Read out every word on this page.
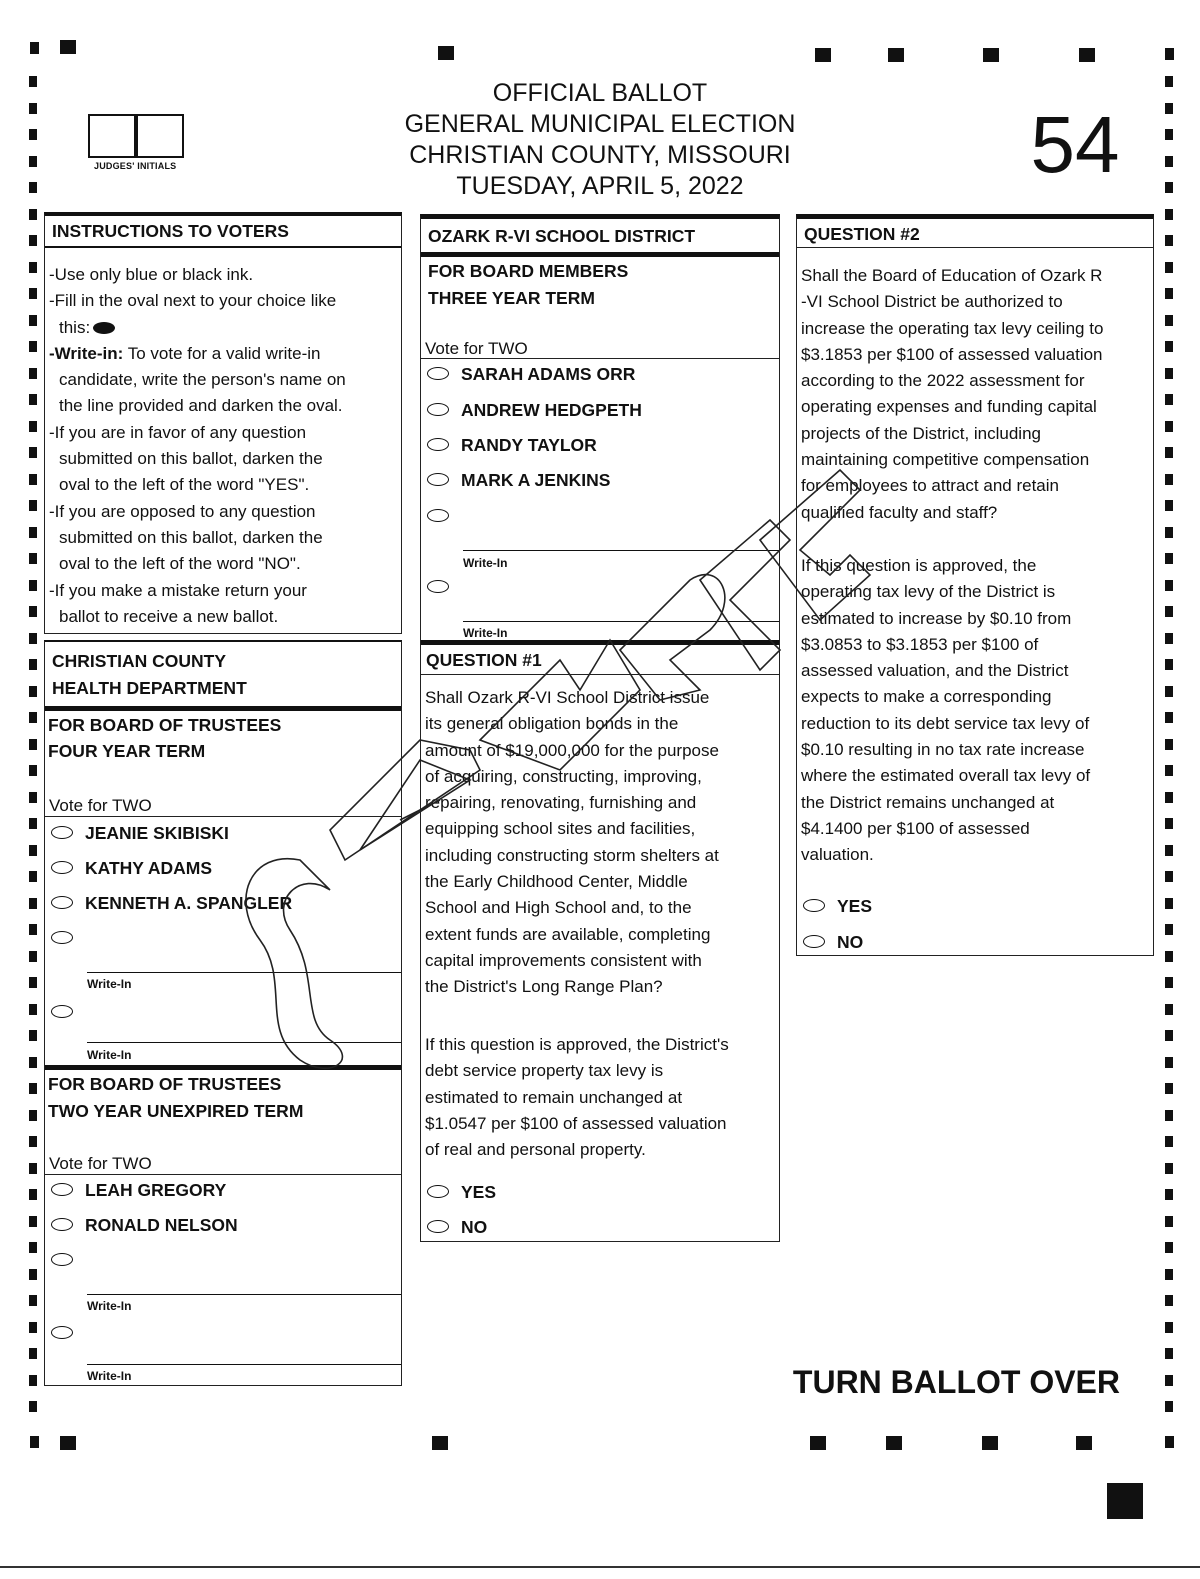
OFFICIAL BALLOT
GENERAL MUNICIPAL ELECTION
CHRISTIAN COUNTY, MISSOURI
TUESDAY, APRIL 5, 2022
JUDGES' INITIALS	54
INSTRUCTIONS TO VOTERS
-Use only blue or black ink.
-Fill in the oval next to your choice like
this:
-Write-in: To vote for a valid write-in
candidate, write the person's name on
the line provided and darken the oval.
-If you are in favor of any question
submitted on this ballot, darken the
oval to the left of the word "YES".
-If you are opposed to any question
submitted on this ballot, darken the
oval to the left of the word "NO".
-If you make a mistake return your
ballot to receive a new ballot.
CHRISTIAN COUNTY
HEALTH DEPARTMENT
FOR BOARD OF TRUSTEES
FOUR YEAR TERM
Vote for TWO
JEANIE SKIBISKI
KATHY ADAMS
KENNETH A. SPANGLER
Write-In
Write-In
FOR BOARD OF TRUSTEES
TWO YEAR UNEXPIRED TERM
Vote for TWO
LEAH GREGORY
RONALD NELSON
Write-In
Write-In
OZARK R-VI SCHOOL DISTRICT
FOR BOARD MEMBERS
THREE YEAR TERM
Vote for TWO
SARAH ADAMS ORR
ANDREW HEDGPETH
RANDY TAYLOR
MARK A JENKINS
Write-In
Write-In
QUESTION #1
Shall Ozark R-VI School District issue
its general obligation bonds in the
amount of $19,000,000 for the purpose
of acquiring, constructing, improving,
repairing, renovating, furnishing and
equipping school sites and facilities,
including constructing storm shelters at
the Early Childhood Center, Middle
School and High School and, to the
extent funds are available, completing
capital improvements consistent with
the District's Long Range Plan?
If this question is approved, the District's
debt service property tax levy is
estimated to remain unchanged at
$1.0547 per $100 of assessed valuation
of real and personal property.
YES
NO
QUESTION #2
Shall the Board of Education of Ozark R
-VI School District be authorized to
increase the operating tax levy ceiling to
$3.1853 per $100 of assessed valuation
according to the 2022 assessment for
operating expenses and funding capital
projects of the District, including
maintaining competitive compensation
for employees to attract and retain
qualified faculty and staff?
If this question is approved, the
operating tax levy of the District is
estimated to increase by $0.10 from
$3.0853 to $3.1853 per $100 of
assessed valuation, and the District
expects to make a corresponding
reduction to its debt service tax levy of
$0.10 resulting in no tax rate increase
where the estimated overall tax levy of
the District remains unchanged at
$4.1400 per $100 of assessed
valuation.
YES
NO
TURN BALLOT OVER
